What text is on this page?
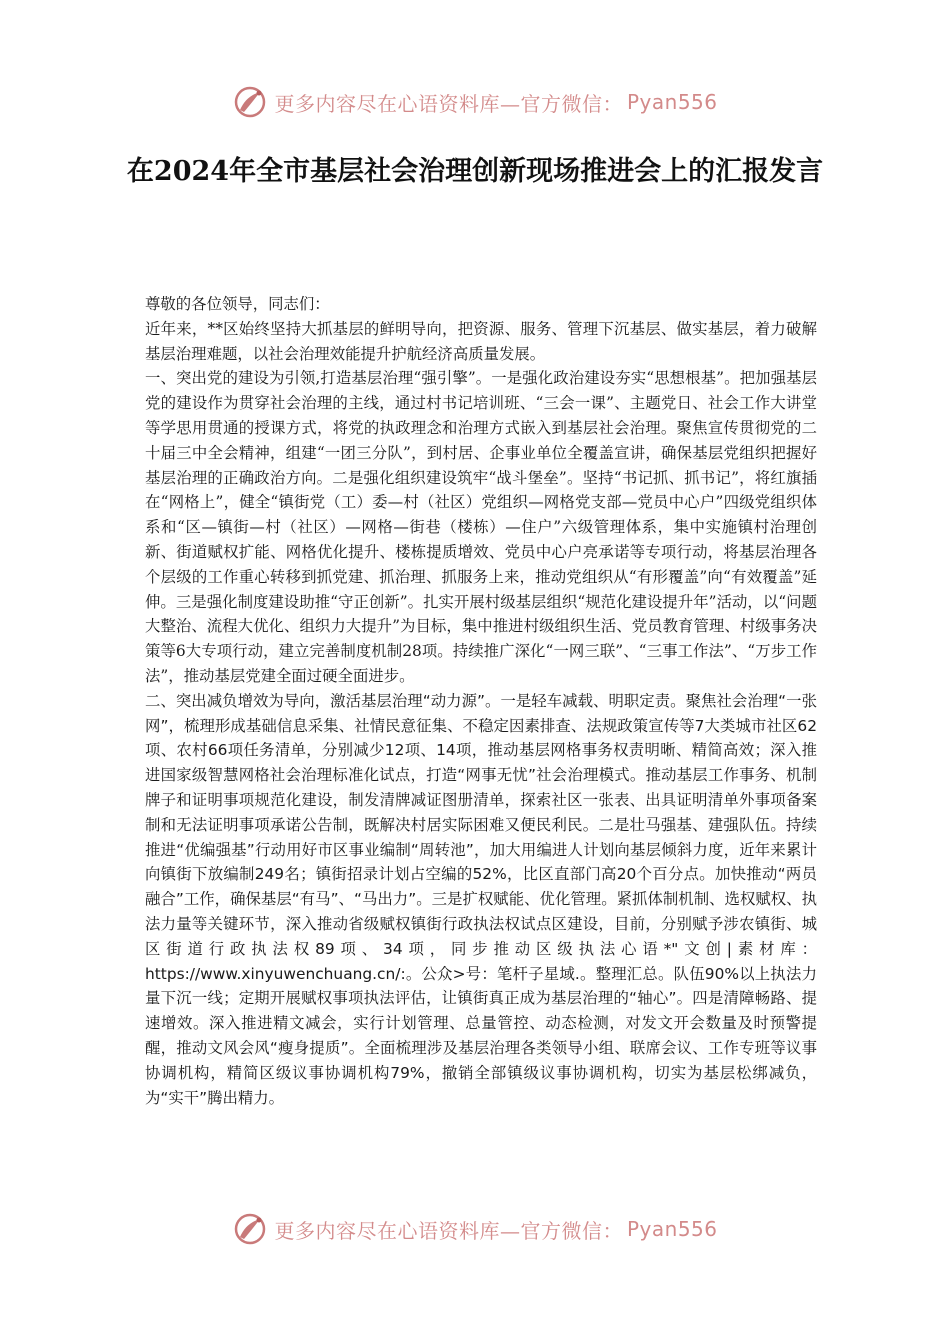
更多内容尽在心语资料库—官方微信： Pyan556
在2024年全市基层社会治理创新现场推进会上的汇报发言

尊敬的各位领导，同志们：

近年来，**区始终坚持大抓基层的鲜明导向，把资源、服务、管理下沉基层、做实基层，着力破解基层治理难题，以社会治理效能提升护航经济高质量发展。

一、突出党的建设为引领,打造基层治理“强引擎”。一是强化政治建设夯实“思想根基”。把加强基层党的建设作为贯穿社会治理的主线，通过村书记培训班、“三会一课”、主题党日、社会工作大讲堂等学思用贯通的授课方式，将党的执政理念和治理方式嵌入到基层社会治理。聚焦宣传贯彻党的二十届三中全会精神，组建“一团三分队”，到村居、企事业单位全覆盖宣讲，确保基层党组织把握好基层治理的正确政治方向。二是强化组织建设筑牢“战斗堡垒”。坚持“书记抓、抓书记”，将红旗插在“网格上”，健全“镇街党（工）委—村（社区）党组织—网格党支部—党员中心户”四级党组织体系和“区—镇街—村（社区）—网格—街巷（楼栋）—住户”六级管理体系，集中实施镇村治理创新、街道赋权扩能、网格优化提升、楼栋提质增效、党员中心户亮承诺等专项行动，将基层治理各个层级的工作重心转移到抓党建、抓治理、抓服务上来，推动党组织从“有形覆盖”向“有效覆盖”延伸。三是强化制度建设助推“守正创新”。扎实开展村级基层组织“规范化建设提升年”活动，以“问题大整治、流程大优化、组织力大提升”为目标，集中推进村级组织生活、党员教育管理、村级事务决策等6大专项行动，建立完善制度机制28项。持续推广深化“一网三联”、“三事工作法”、“万步工作法”，推动基层党建全面过硬全面进步。

二、突出减负增效为导向，激活基层治理“动力源”。一是轻车减载、明职定责。聚焦社会治理“一张网”，梳理形成基础信息采集、社情民意征集、不稳定因素排查、法规政策宣传等7大类城市社区62项、农村66项任务清单，分别减少12项、14项，推动基层网格事务权责明晰、精简高效；深入推进国家级智慧网格社会治理标准化试点，打造“网事无忧”社会治理模式。推动基层工作事务、机制牌子和证明事项规范化建设，制发清牌减证图册清单，探索社区一张表、出具证明清单外事项备案制和无法证明事项承诺公告制，既解决村居实际困难又便民利民。二是壮马强基、建强队伍。持续推进“优编强基”行动用好市区事业编制“周转池”，加大用编进人计划向基层倾斜力度，近年来累计向镇街下放编制249名；镇街招录计划占空编的52%，比区直部门高20个百分点。加快推动“两员融合”工作，确保基层“有马”、“马出力”。三是扩权赋能、优化管理。紧抓体制机制、选权赋权、执法力量等关键环节，深入推动省级赋权镇街行政执法权试点区建设，目前，分别赋予涉农镇街、城区街道行政执法权89项、34项，同步推动区级执法心语*"文创|素材库：https://www.xinyuwenchuang.cn/:。公众>号：笔杆子星域.。整理汇总。队伍90%以上执法力量下沉一线；定期开展赋权事项执法评估，让镇街真正成为基层治理的“轴心”。四是清障畅路、提速增效。深入推进精文减会，实行计划管理、总量管控、动态检测，对发文开会数量及时预警提醒，推动文风会风“瘦身提质”。全面梳理涉及基层治理各类领导小组、联席会议、工作专班等议事协调机构，精简区级议事协调机构79%，撤销全部镇级议事协调机构，切实为基层松绑减负，为“实干”腾出精力。

更多内容尽在心语资料库—官方微信： Pyan556
